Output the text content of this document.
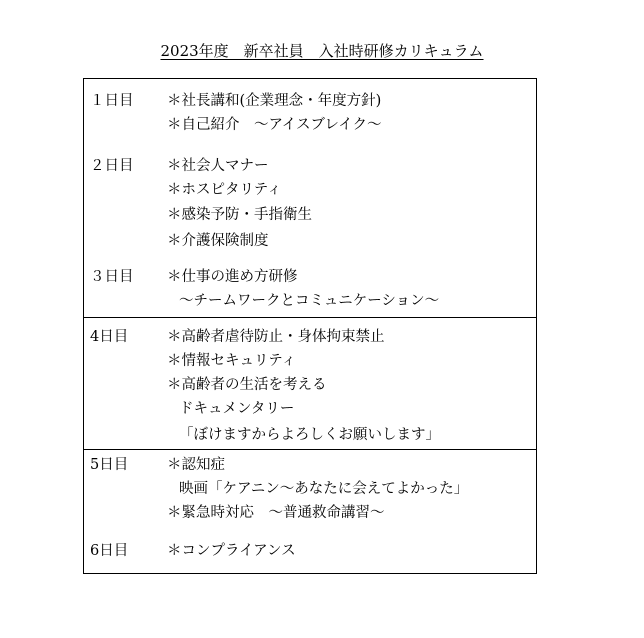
2023年度　新卒社員　入社時研修カリキュラム
１日目 ＊社長講和(企業理念・年度方針)
＊自己紹介　～アイスブレイク～
２日目 ＊社会人マナー
＊ホスピタリティ
＊感染予防・手指衛生
＊介護保険制度
３日目 ＊仕事の進め方研修
～チームワークとコミュニケーション～
4日目	＊高齢者虐待防止・身体拘束禁止
＊情報セキュリティ
＊高齢者の生活を考える
ドキュメンタリー
「ぼけますからよろしくお願いします」
5日目	＊認知症
映画「ケアニン～あなたに会えてよかった」
＊緊急時対応　～普通救命講習～
6日目	＊コンプライアンス
